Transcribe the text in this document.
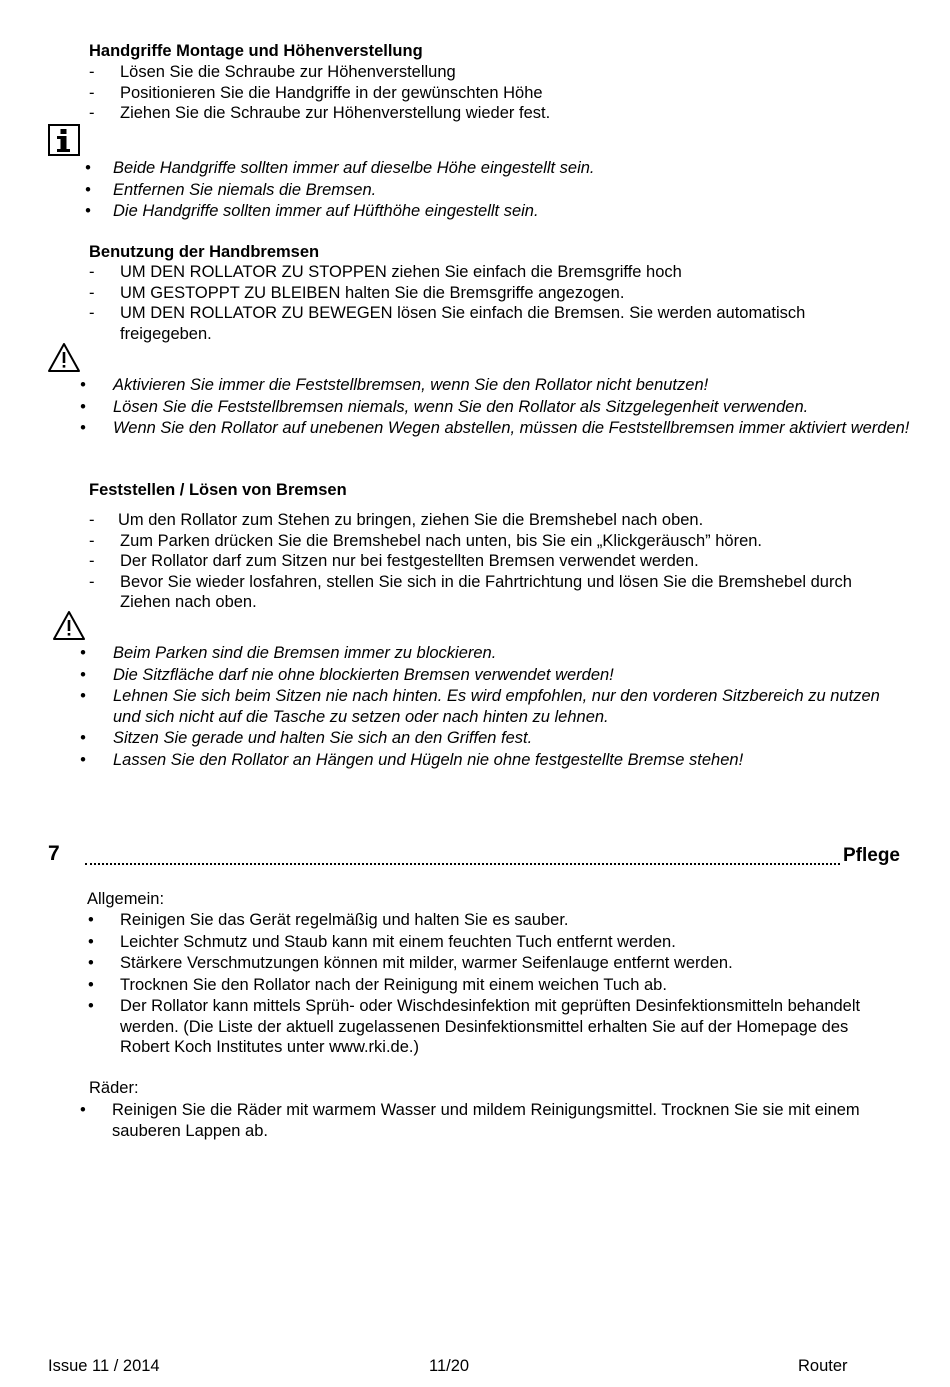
Handgriffe Montage und Höhenverstellung
- Lösen Sie die Schraube zur Höhenverstellung
- Positionieren Sie die Handgriffe in der gewünschten Höhe
- Ziehen Sie die Schraube zur Höhenverstellung wieder fest.
• Beide Handgriffe sollten immer auf dieselbe Höhe eingestellt sein.
• Entfernen Sie niemals die Bremsen.
• Die Handgriffe sollten immer auf Hüfthöhe eingestellt sein.
Benutzung der Handbremsen
- UM DEN ROLLATOR ZU STOPPEN ziehen Sie einfach die Bremsgriffe hoch
- UM GESTOPPT ZU BLEIBEN halten Sie die Bremsgriffe angezogen.
- UM DEN ROLLATOR ZU BEWEGEN lösen Sie einfach die Bremsen. Sie werden automatisch freigegeben.
• Aktivieren Sie immer die Feststellbremsen, wenn Sie den Rollator nicht benutzen!
• Lösen Sie die Feststellbremsen niemals, wenn Sie den Rollator als Sitzgelegenheit verwenden.
• Wenn Sie den Rollator auf unebenen Wegen abstellen, müssen die Feststellbremsen immer aktiviert werden!
Feststellen / Lösen von Bremsen
- Um den Rollator zum Stehen zu bringen, ziehen Sie die Bremshebel nach oben.
- Zum Parken drücken Sie die Bremshebel nach unten, bis Sie ein „Klickgeräusch” hören.
- Der Rollator darf zum Sitzen nur bei festgestellten Bremsen verwendet werden.
- Bevor Sie wieder losfahren, stellen Sie sich in die Fahrtrichtung und lösen Sie die Bremshebel durch Ziehen nach oben.
• Beim Parken sind die Bremsen immer zu blockieren.
• Die Sitzfläche darf nie ohne blockierten Bremsen verwendet werden!
• Lehnen Sie sich beim Sitzen nie nach hinten. Es wird empfohlen, nur den vorderen Sitzbereich zu nutzen und sich nicht auf die Tasche zu setzen oder nach hinten zu lehnen.
• Sitzen Sie gerade und halten Sie sich an den Griffen fest.
• Lassen Sie den Rollator an Hängen und Hügeln nie ohne festgestellte Bremse stehen!
7	Pflege
Allgemein:
• Reinigen Sie das Gerät regelmäßig und halten Sie es sauber.
• Leichter Schmutz und Staub kann mit einem feuchten Tuch entfernt werden.
• Stärkere Verschmutzungen können mit milder, warmer Seifenlauge entfernt werden.
• Trocknen Sie den Rollator nach der Reinigung mit einem weichen Tuch ab.
• Der Rollator kann mittels Sprüh- oder Wischdesinfektion mit geprüften Desinfektionsmitteln behandelt werden. (Die Liste der aktuell zugelassenen Desinfektionsmittel erhalten Sie auf der Homepage des Robert Koch Institutes unter www.rki.de.)
Räder:
• Reinigen Sie die Räder mit warmem Wasser und mildem Reinigungsmittel. Trocknen Sie sie mit einem sauberen Lappen ab.
Issue 11 / 2014	11/20	Router
